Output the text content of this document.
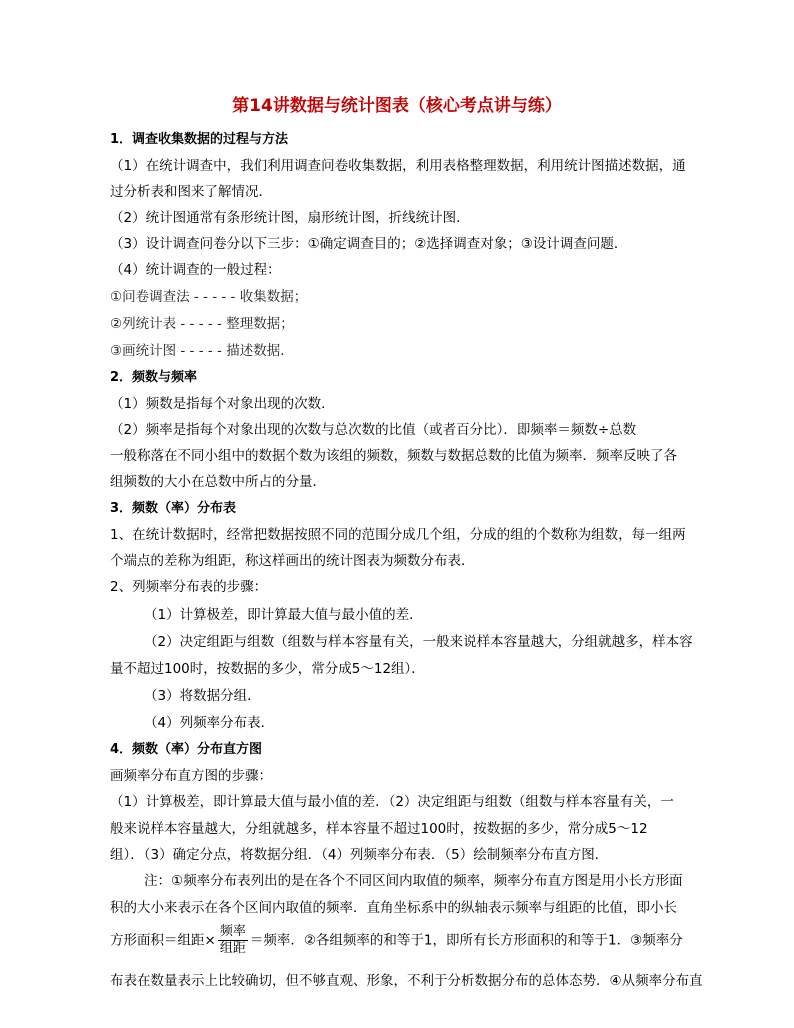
第14讲数据与统计图表（核心考点讲与练）
1．调查收集数据的过程与方法
（1）在统计调查中，我们利用调查问卷收集数据，利用表格整理数据，利用统计图描述数据，通
过分析表和图来了解情况．
（2）统计图通常有条形统计图，扇形统计图，折线统计图．
（3）设计调查问卷分以下三步：①确定调查目的；②选择调查对象；③设计调查问题．
（4）统计调查的一般过程：
①问卷调查法 - - - - - 收集数据；
②列统计表 - - - - - 整理数据；
③画统计图 - - - - - 描述数据．
2．频数与频率
（1）频数是指每个对象出现的次数．
（2）频率是指每个对象出现的次数与总次数的比值（或者百分比）．即频率＝频数÷总数
一般称落在不同小组中的数据个数为该组的频数，频数与数据总数的比值为频率．频率反映了各
组频数的大小在总数中所占的分量．
3．频数（率）分布表
1、在统计数据时，经常把数据按照不同的范围分成几个组，分成的组的个数称为组数，每一组两
个端点的差称为组距，称这样画出的统计图表为频数分布表．
2、列频率分布表的步骤：
（1）计算极差，即计算最大值与最小值的差．
（2）决定组距与组数（组数与样本容量有关，一般来说样本容量越大，分组就越多，样本容
量不超过100时，按数据的多少，常分成5～12组）．
（3）将数据分组．
（4）列频率分布表．
4．频数（率）分布直方图
画频率分布直方图的步骤：
（1）计算极差，即计算最大值与最小值的差．（2）决定组距与组数（组数与样本容量有关，一
般来说样本容量越大，分组就越多，样本容量不超过100时，按数据的多少，常分成5～12
组）．（3）确定分点，将数据分组．（4）列频率分布表．（5）绘制频率分布直方图．
注：①频率分布表列出的是在各个不同区间内取值的频率，频率分布直方图是用小长方形面
积的大小来表示在各个区间内取值的频率．直角坐标系中的纵轴表示频率与组距的比值，即小长
方形面积＝组距× $\frac{\text{频率}}{\text{组距}}$ ＝频率．②各组频率的和等于1，即所有长方形面积的和等于1．③频率分
布表在数量表示上比较确切，但不够直观、形象，不利于分析数据分布的总体态势．④从频率分布直
